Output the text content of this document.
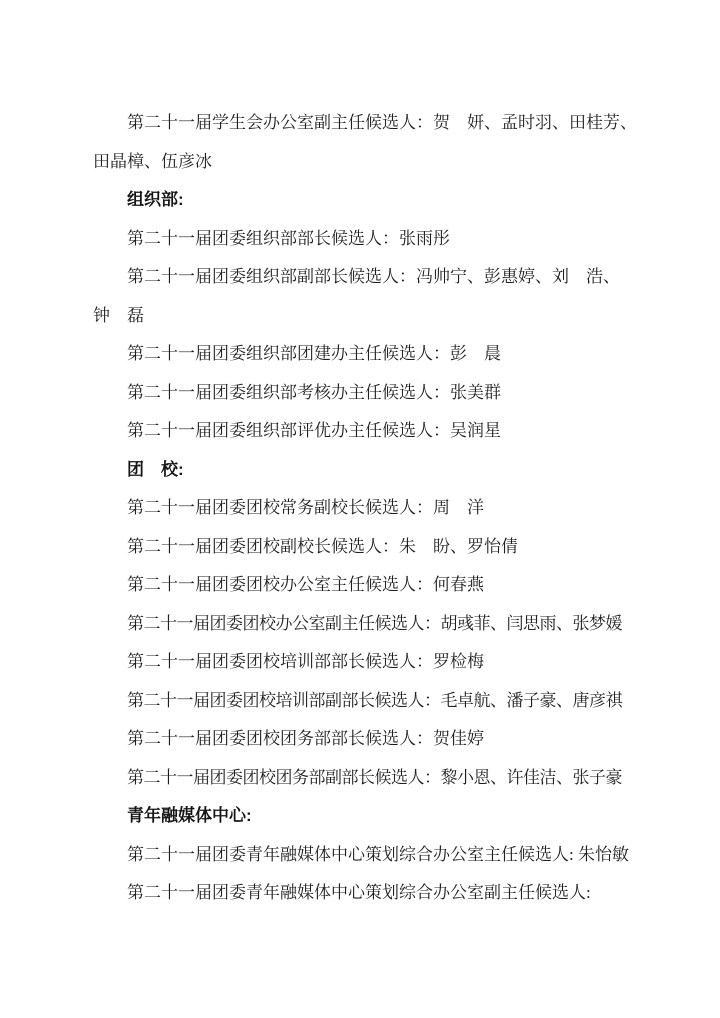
第二十一届学生会办公室副主任候选人：贺　妍、孟时羽、田桂芳、
田晶樟、伍彦冰
组织部:
第二十一届团委组织部部长候选人：张雨彤
第二十一届团委组织部副部长候选人：冯帅宁、彭惠婷、刘　浩、
钟　磊
第二十一届团委组织部团建办主任候选人：彭　晨
第二十一届团委组织部考核办主任候选人：张美群
第二十一届团委组织部评优办主任候选人：吴润星
团　校:
第二十一届团委团校常务副校长候选人：周　洋
第二十一届团委团校副校长候选人：朱　盼、罗怡倩
第二十一届团委团校办公室主任候选人：何春燕
第二十一届团委团校办公室副主任候选人：胡彧菲、闫思雨、张梦媛
第二十一届团委团校培训部部长候选人：罗检梅
第二十一届团委团校培训部副部长候选人：毛卓航、潘子豪、唐彦祺
第二十一届团委团校团务部部长候选人：贺佳婷
第二十一届团委团校团务部副部长候选人：黎小恩、许佳洁、张子豪
青年融媒体中心:
第二十一届团委青年融媒体中心策划综合办公室主任候选人: 朱怡敏
第二十一届团委青年融媒体中心策划综合办公室副主任候选人:
